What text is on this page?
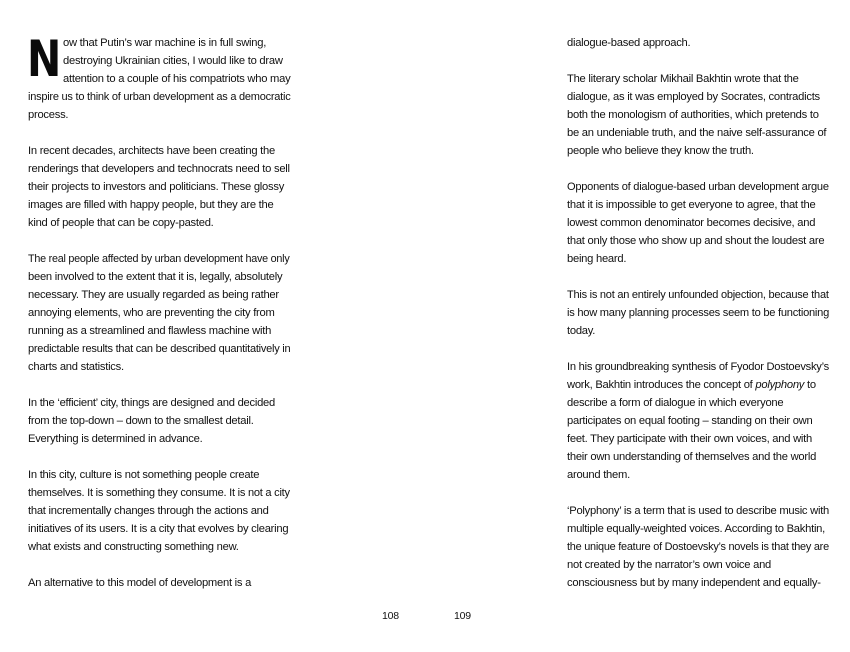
N ow that Putin’s war machine is in full swing,
destroying Ukrainian cities, I would like to draw
attention to a couple of his compatriots who may
inspire us to think of urban development as a democratic
process.

In recent decades, architects have been creating the
renderings that developers and technocrats need to sell
their projects to investors and politicians. These glossy
images are filled with happy people, but they are the
kind of people that can be copy-pasted.

The real people affected by urban development have only
been involved to the extent that it is, legally, absolutely
necessary. They are usually regarded as being rather
annoying elements, who are preventing the city from
running as a streamlined and flawless machine with
predictable results that can be described quantitatively in
charts and statistics.

In the ‘efficient’ city, things are designed and decided
from the top-down – down to the smallest detail.
Everything is determined in advance.

In this city, culture is not something people create
themselves. It is something they consume. It is not a city
that incrementally changes through the actions and
initiatives of its users. It is a city that evolves by clearing
what exists and constructing something new.

An alternative to this model of development is a

dialogue-based approach.

The literary scholar Mikhail Bakhtin wrote that the
dialogue, as it was employed by Socrates, contradicts
both the monologism of authorities, which pretends to
be an undeniable truth, and the naive self-assurance of
people who believe they know the truth.

Opponents of dialogue-based urban development argue
that it is impossible to get everyone to agree, that the
lowest common denominator becomes decisive, and
that only those who show up and shout the loudest are
being heard.

This is not an entirely unfounded objection, because that
is how many planning processes seem to be functioning
today.

In his groundbreaking synthesis of Fyodor Dostoevsky’s
work, Bakhtin introduces the concept of polyphony to
describe a form of dialogue in which everyone
participates on equal footing – standing on their own
feet. They participate with their own voices, and with
their own understanding of themselves and the world
around them.

‘Polyphony’ is a term that is used to describe music with
multiple equally-weighted voices. According to Bakhtin,
the unique feature of Dostoevsky’s novels is that they are
not created by the narrator’s own voice and
consciousness but by many independent and equally-

108	109
